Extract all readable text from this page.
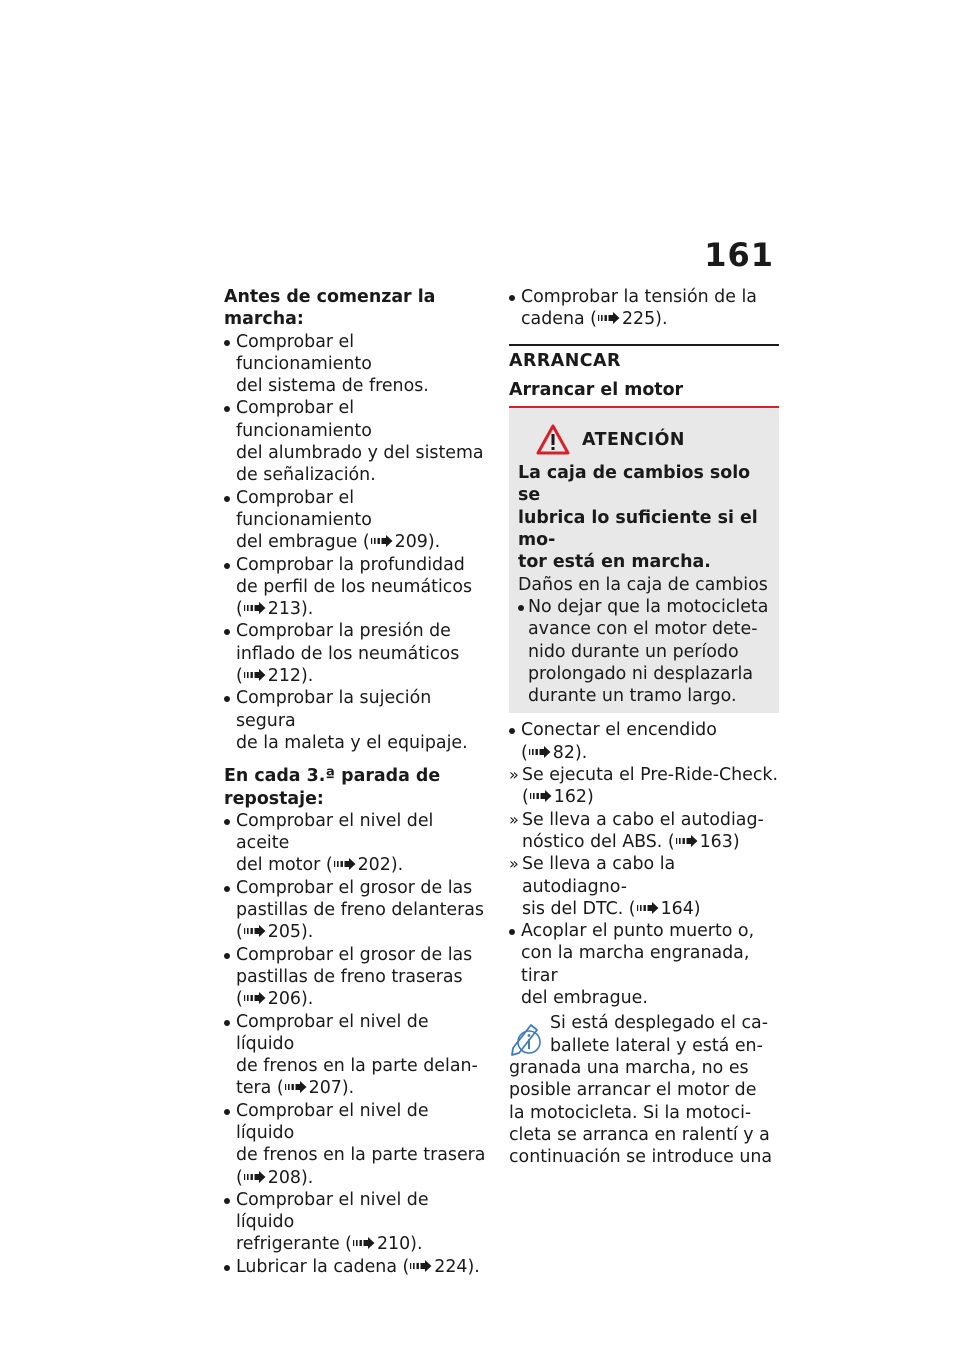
161

Antes de comenzar la marcha:

Comprobar el funcionamiento
del sistema de frenos.
Comprobar el funcionamiento
del alumbrado y del sistema
de señalización.
Comprobar el funcionamiento
del embrague ( 209).
Comprobar la profundidad
de perfil de los neumáticos
( 213).
Comprobar la presión de
inflado de los neumáticos
( 212).
Comprobar la sujeción segura
de la maleta y el equipaje.

En cada 3.ª parada de

repostaje:

Comprobar el nivel del aceite
del motor ( 202).
Comprobar el grosor de las
pastillas de freno delanteras
( 205).
Comprobar el grosor de las
pastillas de freno traseras
( 206).
Comprobar el nivel de líquido
de frenos en la parte delan-
tera ( 207).
Comprobar el nivel de líquido
de frenos en la parte trasera
( 208).
Comprobar el nivel de líquido
refrigerante ( 210).
Lubricar la cadena ( 224).
Comprobar la tensión de la
cadena ( 225).

ARRANCAR

Arrancar el motor

ATENCIÓN
La caja de cambios solo se
lubrica lo suficiente si el mo-
tor está en marcha.

Daños en la caja de cambios

No dejar que la motocicleta
avance con el motor dete-
nido durante un período
prolongado ni desplazarla
durante un tramo largo.
Conectar el encendido
( 82).
» Se ejecuta el Pre-Ride-Check.
( 162)
» Se lleva a cabo el autodiag-
nóstico del ABS. ( 163)
» Se lleva a cabo la autodiagno-
sis del DTC. ( 164)
Acoplar el punto muerto o,
con la marcha engranada, tirar
del embrague.

Si está desplegado el ca-

ballete lateral y está en-

granada una marcha, no es

posible arrancar el motor de

la motocicleta. Si la motoci-

cleta se arranca en ralentí y a

continuación se introduce una
